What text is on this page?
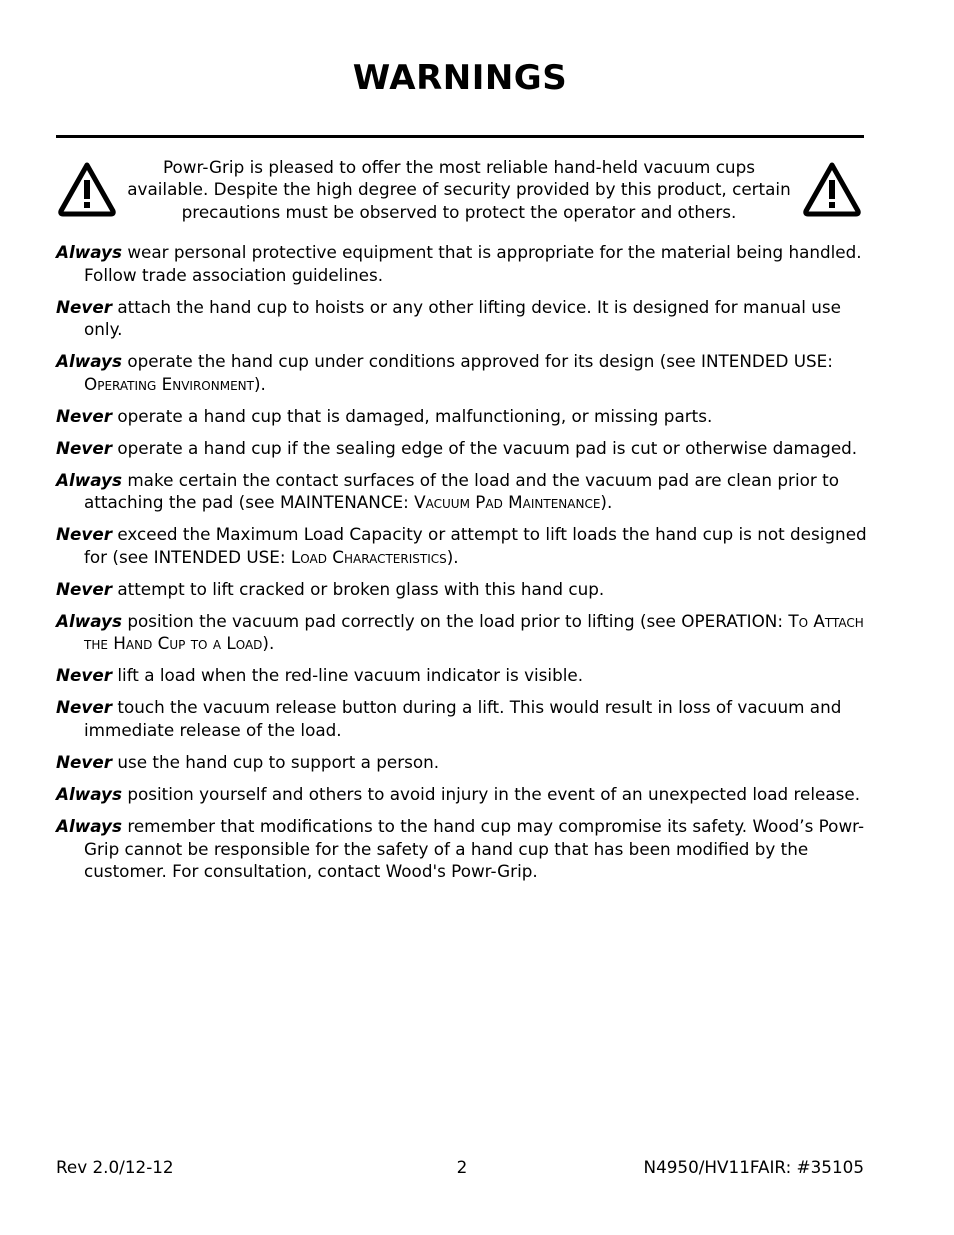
WARNINGS
Powr-Grip is pleased to offer the most reliable hand-held vacuum cups available. Despite the high degree of security provided by this product, certain precautions must be observed to protect the operator and others.
Always wear personal protective equipment that is appropriate for the material being handled. Follow trade association guidelines.
Never attach the hand cup to hoists or any other lifting device. It is designed for manual use only.
Always operate the hand cup under conditions approved for its design (see INTENDED USE: Operating Environment).
Never operate a hand cup that is damaged, malfunctioning, or missing parts.
Never operate a hand cup if the sealing edge of the vacuum pad is cut or otherwise damaged.
Always make certain the contact surfaces of the load and the vacuum pad are clean prior to attaching the pad (see MAINTENANCE: Vacuum Pad Maintenance).
Never exceed the Maximum Load Capacity or attempt to lift loads the hand cup is not designed for (see INTENDED USE: Load Characteristics).
Never attempt to lift cracked or broken glass with this hand cup.
Always position the vacuum pad correctly on the load prior to lifting (see OPERATION: To Attach the Hand Cup to a Load).
Never lift a load when the red-line vacuum indicator is visible.
Never touch the vacuum release button during a lift. This would result in loss of vacuum and immediate release of the load.
Never use the hand cup to support a person.
Always position yourself and others to avoid injury in the event of an unexpected load release.
Always remember that modifications to the hand cup may compromise its safety. Wood’s Powr-Grip cannot be responsible for the safety of a hand cup that has been modified by the customer. For consultation, contact Wood's Powr-Grip.
Rev 2.0/12-12	2	N4950/HV11FAIR: #35105
